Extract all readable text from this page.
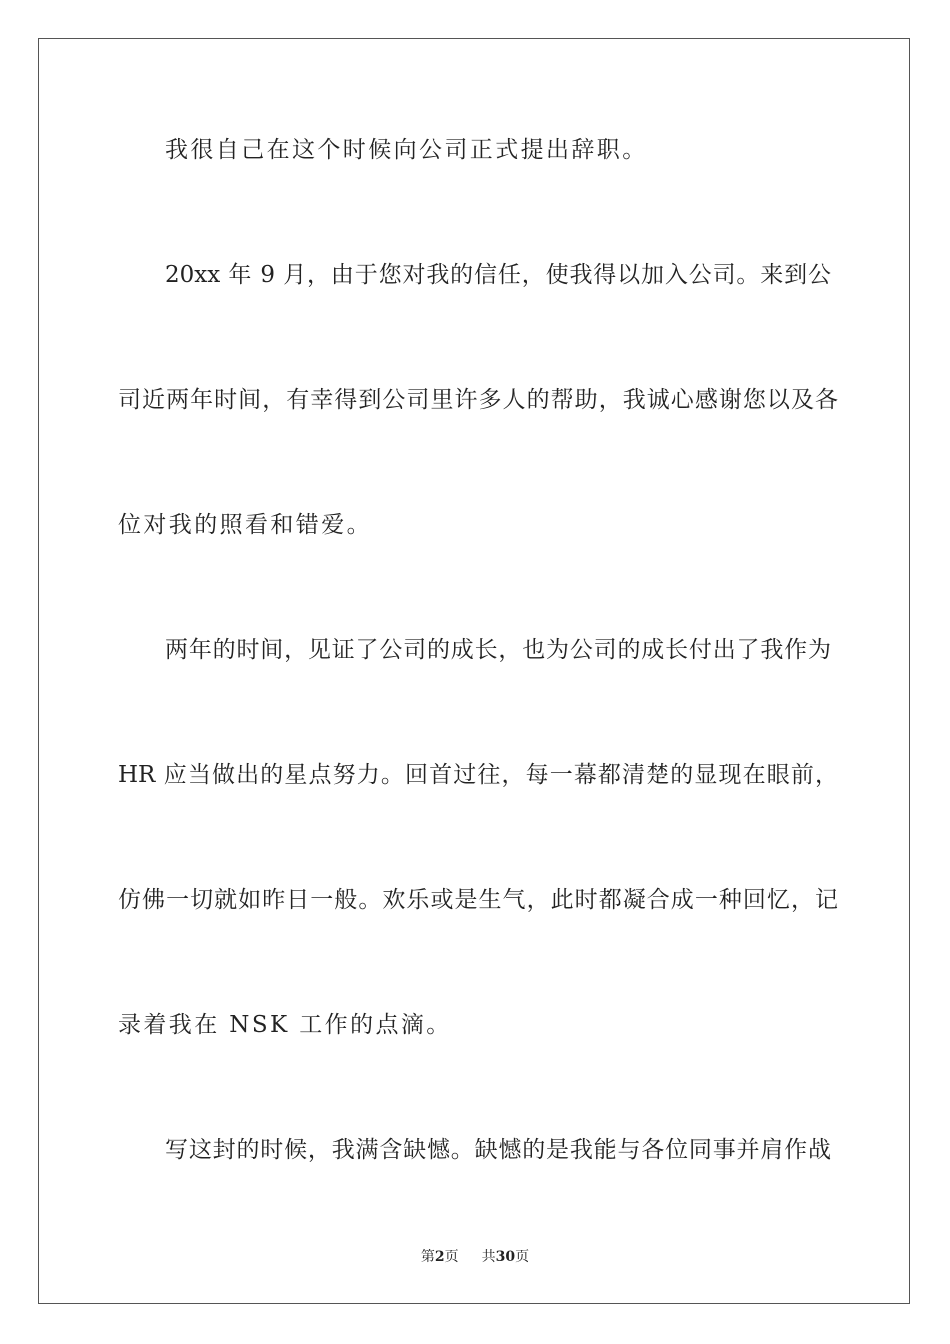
我很自己在这个时候向公司正式提出辞职。
20xx 年 9 月，由于您对我的信任，使我得以加入公司。来到公
司近两年时间，有幸得到公司里许多人的帮助，我诚心感谢您以及各
位对我的照看和错爱。
两年的时间，见证了公司的成长，也为公司的成长付出了我作为
HR 应当做出的星点努力。回首过往，每一幕都清楚的显现在眼前，
仿佛一切就如昨日一般。欢乐或是生气，此时都凝合成一种回忆，记
录着我在 NSK 工作的点滴。
写这封的时候，我满含缺憾。缺憾的是我能与各位同事并肩作战
第2页 共30页
